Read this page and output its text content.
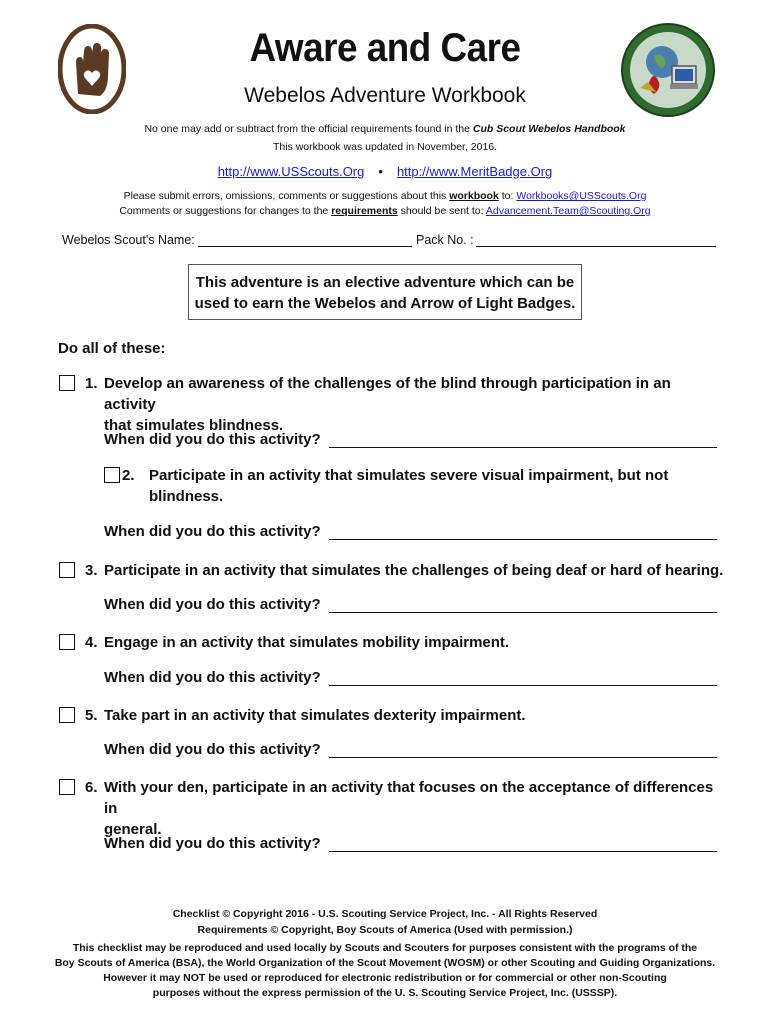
Aware and Care
Webelos Adventure Workbook
No one may add or subtract from the official requirements found in the Cub Scout Webelos Handbook
This workbook was updated in November, 2016.
http://www.USScouts.Org • http://www.MeritBadge.Org
Please submit errors, omissions, comments or suggestions about this workbook to: Workbooks@USScouts.Org
Comments or suggestions for changes to the requirements should be sent to: Advancement.Team@Scouting.Org
Webelos Scout's Name:	Pack No. :
This adventure is an elective adventure which can be
used to earn the Webelos and Arrow of Light Badges.
Do all of these:
1. Develop an awareness of the challenges of the blind through participation in an activity
that simulates blindness.
When did you do this activity?
2. Participate in an activity that simulates severe visual impairment, but not
blindness.
When did you do this activity?
3. Participate in an activity that simulates the challenges of being deaf or hard of hearing.
When did you do this activity?
4. Engage in an activity that simulates mobility impairment.
When did you do this activity?
5. Take part in an activity that simulates dexterity impairment.
When did you do this activity?
6. With your den, participate in an activity that focuses on the acceptance of differences in
general.
When did you do this activity?
Checklist © Copyright 2016 - U.S. Scouting Service Project, Inc. - All Rights Reserved
Requirements © Copyright, Boy Scouts of America (Used with permission.)
This checklist may be reproduced and used locally by Scouts and Scouters for purposes consistent with the programs of the
Boy Scouts of America (BSA), the World Organization of the Scout Movement (WOSM) or other Scouting and Guiding Organizations.
However it may NOT be used or reproduced for electronic redistribution or for commercial or other non-Scouting
purposes without the express permission of the U. S. Scouting Service Project, Inc. (USSSP).
